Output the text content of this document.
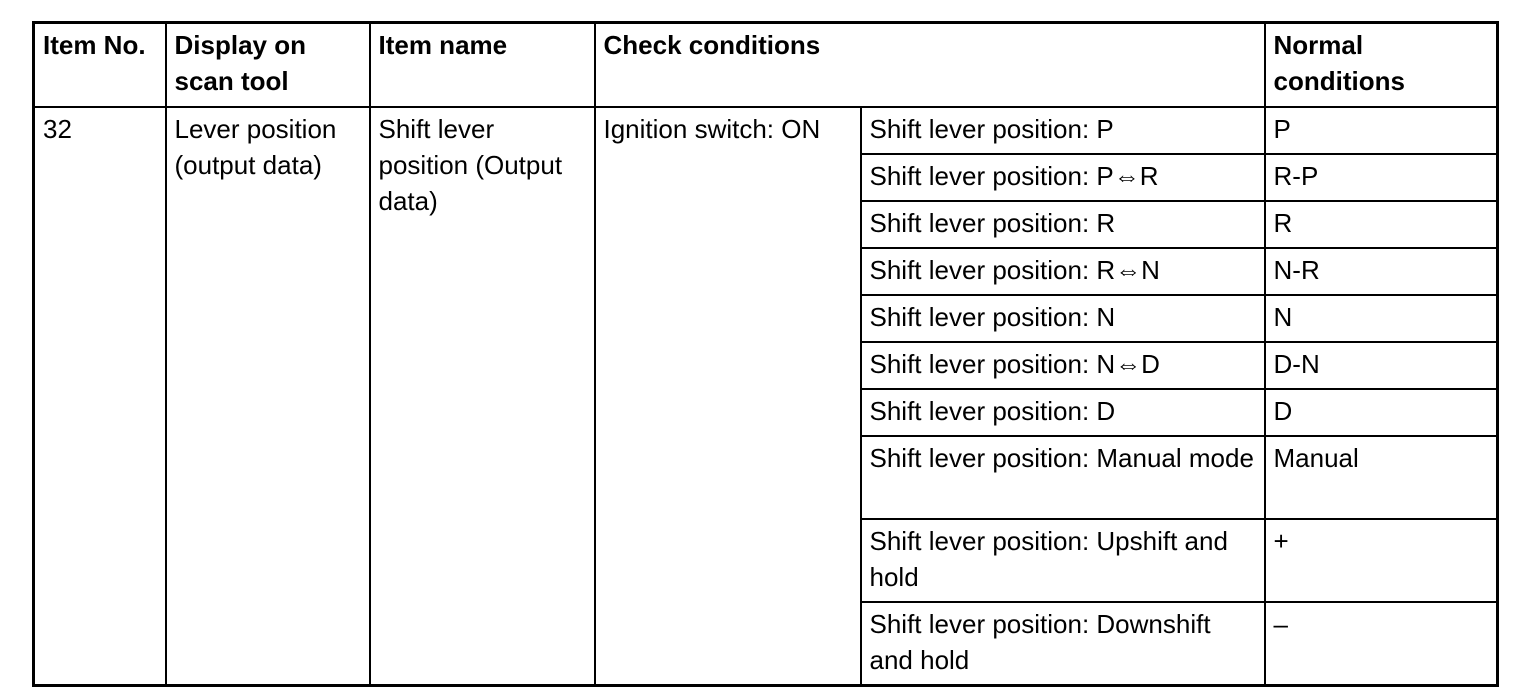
Item No.	Display on scan tool	Item name	Check conditions		Normal conditions
32	Lever position (output data)	Shift lever position (Output data)	Ignition switch: ON	Shift lever position: P	P
				Shift lever position: P⇔R	R-P
				Shift lever position: R	R
				Shift lever position: R⇔N	N-R
				Shift lever position: N	N
				Shift lever position: N⇔D	D-N
				Shift lever position: D	D
				Shift lever position: Manual mode	Manual
				Shift lever position: Upshift and hold	+
				Shift lever position: Downshift and hold	–
